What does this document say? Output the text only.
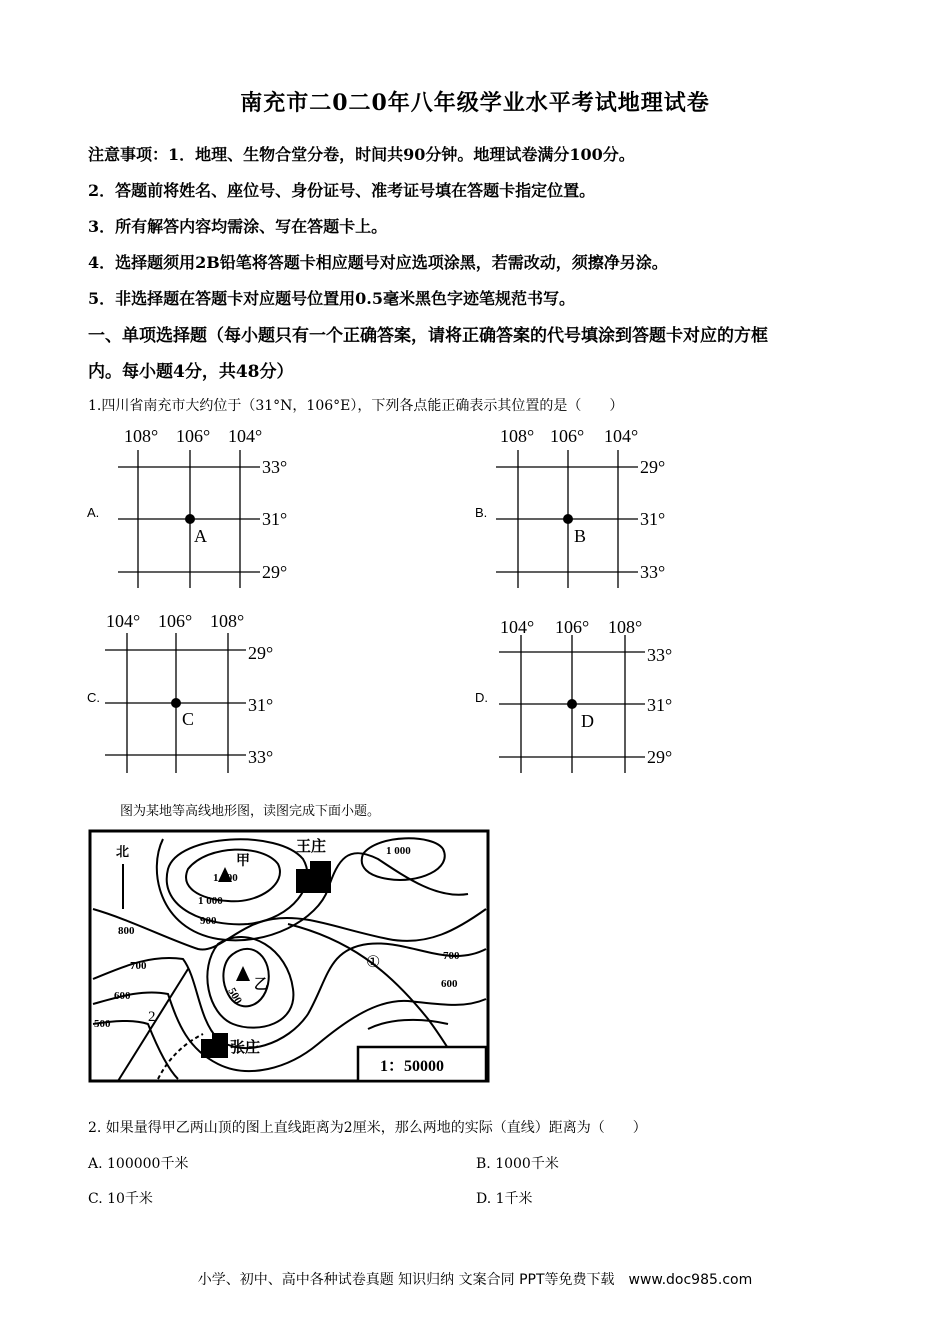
南充市二0二0年八年级学业水平考试地理试卷
注意事项：1．地理、生物合堂分卷，时间共90分钟。地理试卷满分100分。
2．答题前将姓名、座位号、身份证号、准考证号填在答题卡指定位置。
3．所有解答内容均需涂、写在答题卡上。
4．选择题须用2B铅笔将答题卡相应题号对应选项涂黑，若需改动，须擦净另涂。
5．非选择题在答题卡对应题号位置用0.5毫米黑色字迹笔规范书写。
一、单项选择题（每小题只有一个正确答案，请将正确答案的代号填涂到答题卡对应的方框
内。每小题4分，共48分）
1.四川省南充市大约位于（31°N，106°E），下列各点能正确表示其位置的是（　　）
A.
108° 106° 104°
33°
31°
29°
A
B.
108° 106° 104°
29°
31°
33°
B
C.
104° 106° 108°
29°
31°
33°
C
D.
104° 106° 108°
33°
31°
29°
D
图为某地等高线地形图，读图完成下面小题。
1：50000
北
甲
乙
王庄
张庄
①
2
1 100
1 000
900
800
700
600
500
1 000
700
600
500
2. 如果量得甲乙两山顶的图上直线距离为2厘米，那么两地的实际（直线）距离为（　　）
A. 100000千米	B. 1000千米
C. 10千米	D. 1千米
小学、初中、高中各种试卷真题 知识归纳 文案合同 PPT等免费下载　www.doc985.com
